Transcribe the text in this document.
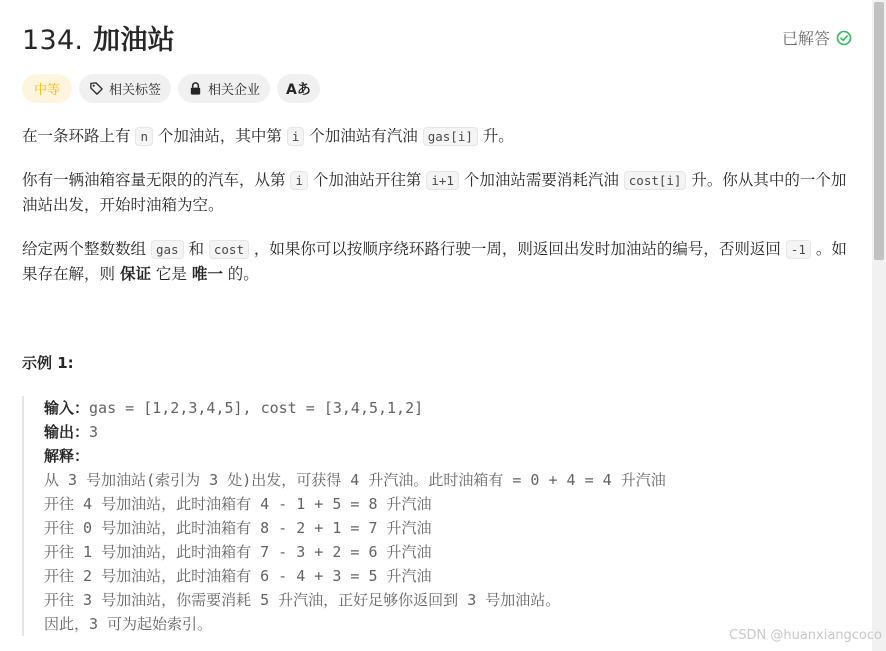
134. 加油站	已解答
中等	相关标签	相关企业 Aあ

在一条环路上有 n 个加油站，其中第 i 个加油站有汽油 gas[i] 升。

你有一辆油箱容量无限的的汽车，从第 i 个加油站开往第 i+1 个加油站需要消耗汽油 cost[i] 升。你从其中的一个加油站出发，开始时油箱为空。

给定两个整数数组 gas 和 cost ，如果你可以按顺序绕环路行驶一周，则返回出发时加油站的编号，否则返回 -1 。如果存在解，则 保证 它是 唯一 的。

示例 1:
输入：gas = [1,2,3,4,5], cost = [3,4,5,1,2]
输出：3
解释：
从 3 号加油站(索引为 3 处)出发，可获得 4 升汽油。此时油箱有 = 0 + 4 = 4 升汽油
开往 4 号加油站，此时油箱有 4 - 1 + 5 = 8 升汽油
开往 0 号加油站，此时油箱有 8 - 2 + 1 = 7 升汽油
开往 1 号加油站，此时油箱有 7 - 3 + 2 = 6 升汽油
开往 2 号加油站，此时油箱有 6 - 4 + 3 = 5 升汽油
开往 3 号加油站，你需要消耗 5 升汽油，正好足够你返回到 3 号加油站。
因此，3 可为起始索引。
CSDN @huanxiangcoco
